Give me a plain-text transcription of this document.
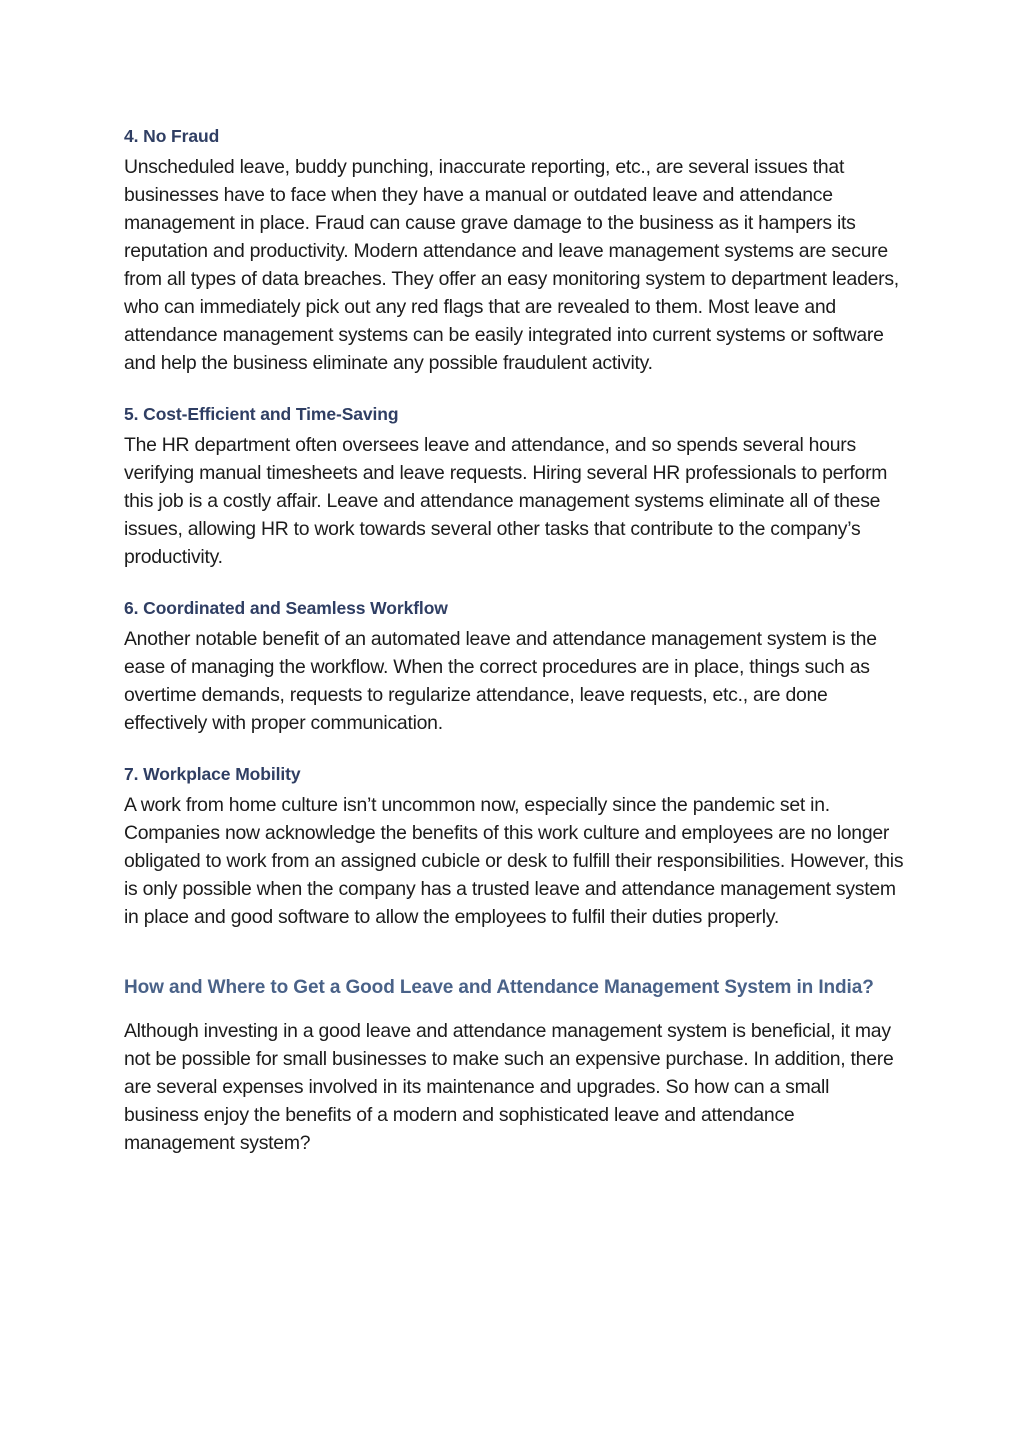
4. No Fraud

Unscheduled leave, buddy punching, inaccurate reporting, etc., are several issues that businesses have to face when they have a manual or outdated leave and attendance management in place. Fraud can cause grave damage to the business as it hampers its reputation and productivity. Modern attendance and leave management systems are secure from all types of data breaches. They offer an easy monitoring system to department leaders, who can immediately pick out any red flags that are revealed to them. Most leave and attendance management systems can be easily integrated into current systems or software and help the business eliminate any possible fraudulent activity.

5. Cost-Efficient and Time-Saving

The HR department often oversees leave and attendance, and so spends several hours verifying manual timesheets and leave requests. Hiring several HR professionals to perform this job is a costly affair. Leave and attendance management systems eliminate all of these issues, allowing HR to work towards several other tasks that contribute to the company’s productivity.

6. Coordinated and Seamless Workflow

Another notable benefit of an automated leave and attendance management system is the ease of managing the workflow. When the correct procedures are in place, things such as overtime demands, requests to regularize attendance, leave requests, etc., are done effectively with proper communication.

7. Workplace Mobility

A work from home culture isn’t uncommon now, especially since the pandemic set in. Companies now acknowledge the benefits of this work culture and employees are no longer obligated to work from an assigned cubicle or desk to fulfill their responsibilities. However, this is only possible when the company has a trusted leave and attendance management system in place and good software to allow the employees to fulfil their duties properly.

How and Where to Get a Good Leave and Attendance Management System in India?

Although investing in a good leave and attendance management system is beneficial, it may not be possible for small businesses to make such an expensive purchase. In addition, there are several expenses involved in its maintenance and upgrades. So how can a small business enjoy the benefits of a modern and sophisticated leave and attendance management system?
